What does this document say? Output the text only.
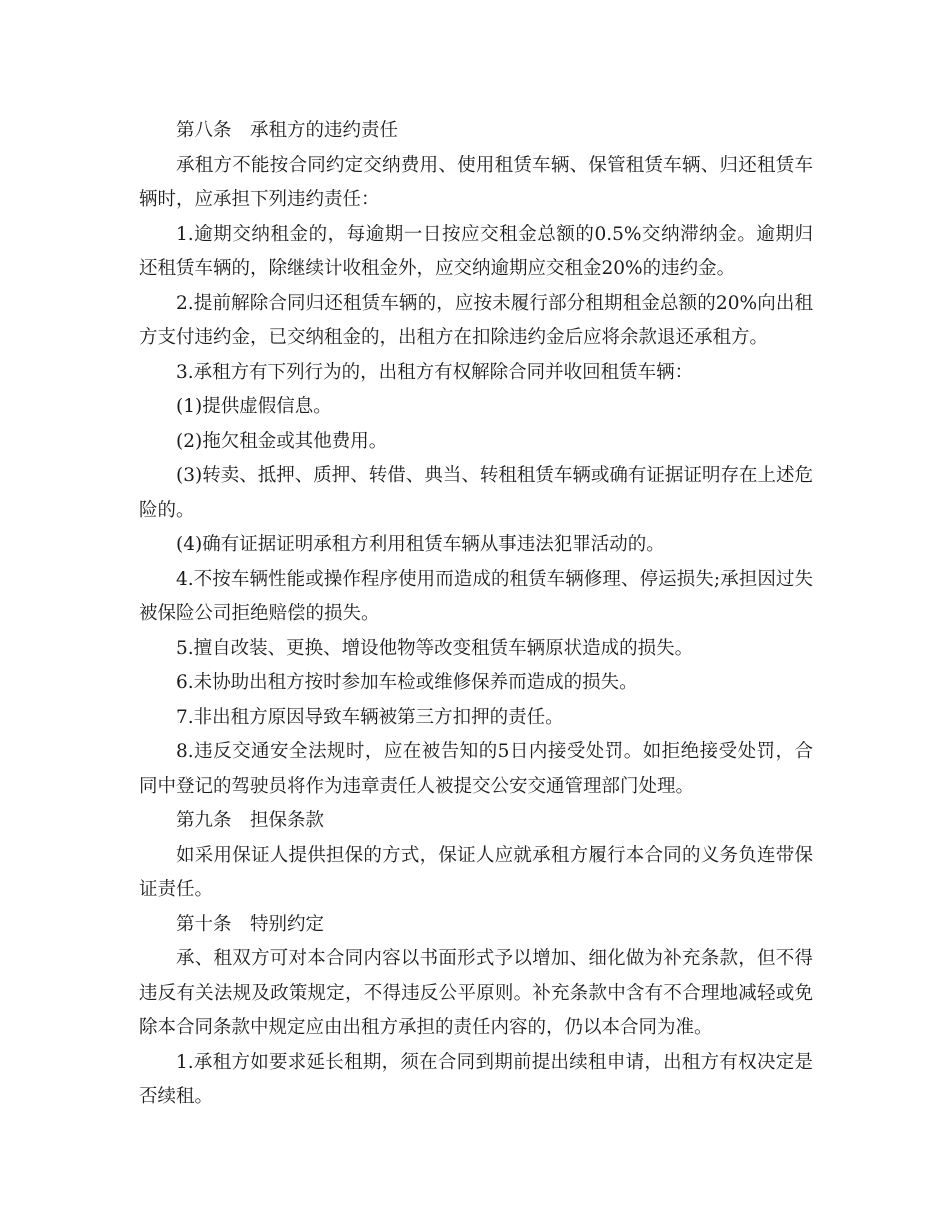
第八条　承租方的违约责任

承租方不能按合同约定交纳费用、使用租赁车辆、保管租赁车辆、归还租赁车辆时，应承担下列违约责任：

1.逾期交纳租金的，每逾期一日按应交租金总额的0.5%交纳滞纳金。逾期归还租赁车辆的，除继续计收租金外，应交纳逾期应交租金20%的违约金。

2.提前解除合同归还租赁车辆的，应按未履行部分租期租金总额的20%向出租方支付违约金，已交纳租金的，出租方在扣除违约金后应将余款退还承租方。

3.承租方有下列行为的，出租方有权解除合同并收回租赁车辆：

(1)提供虚假信息。

(2)拖欠租金或其他费用。

(3)转卖、抵押、质押、转借、典当、转租租赁车辆或确有证据证明存在上述危险的。

(4)确有证据证明承租方利用租赁车辆从事违法犯罪活动的。

4.不按车辆性能或操作程序使用而造成的租赁车辆修理、停运损失;承担因过失被保险公司拒绝赔偿的损失。

5.擅自改装、更换、增设他物等改变租赁车辆原状造成的损失。

6.未协助出租方按时参加车检或维修保养而造成的损失。

7.非出租方原因导致车辆被第三方扣押的责任。

8.违反交通安全法规时，应在被告知的5日内接受处罚。如拒绝接受处罚，合同中登记的驾驶员将作为违章责任人被提交公安交通管理部门处理。

第九条　担保条款

如采用保证人提供担保的方式，保证人应就承租方履行本合同的义务负连带保证责任。

第十条　特别约定

承、租双方可对本合同内容以书面形式予以增加、细化做为补充条款，但不得违反有关法规及政策规定，不得违反公平原则。补充条款中含有不合理地减轻或免除本合同条款中规定应由出租方承担的责任内容的，仍以本合同为准。

1.承租方如要求延长租期，须在合同到期前提出续租申请，出租方有权决定是否续租。
